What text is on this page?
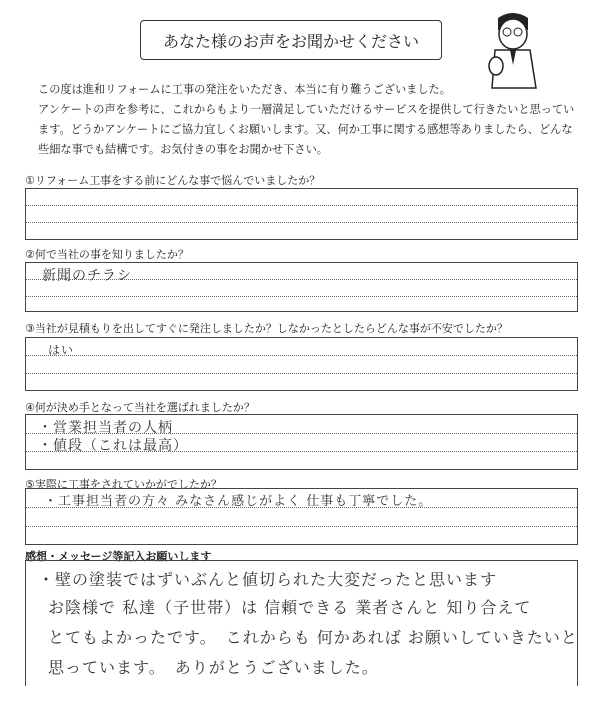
あなた様のお声をお聞かせください
この度は進和リフォームに工事の発注をいただき、本当に有り難うございました。
アンケートの声を参考に、これからもより一層満足していただけるサービスを提供して行きたいと思っています。どうかアンケートにご協力宜しくお願いします。又、何か工事に関する感想等ありましたら、どんな些細な事でも結構です。お気付きの事をお聞かせ下さい。
①リフォーム工事をする前にどんな事で悩んでいましたか？
②何で当社の事を知りましたか？
新聞のチラシ
③当社が見積もりを出してすぐに発注しましたか？しなかったとしたらどんな事が不安でしたか？
はい
④何が決め手となって当社を選ばれましたか？
・営業担当者の人柄
・値段（これは最高）
⑤実際に工事をされていかがでしたか？
・工事担当者の方々 みなさん感じがよく 仕事も丁寧でした。
感想・メッセージ等記入お願いします
・壁の塗装ではずいぶんと値切られた大変だったと思います
お陰様で 私達（子世帯）は 信頼できる 業者さんと 知り合えて
とてもよかったです。　これからも 何かあれば お願いしていきたいと
思っています。　ありがとうございました。
